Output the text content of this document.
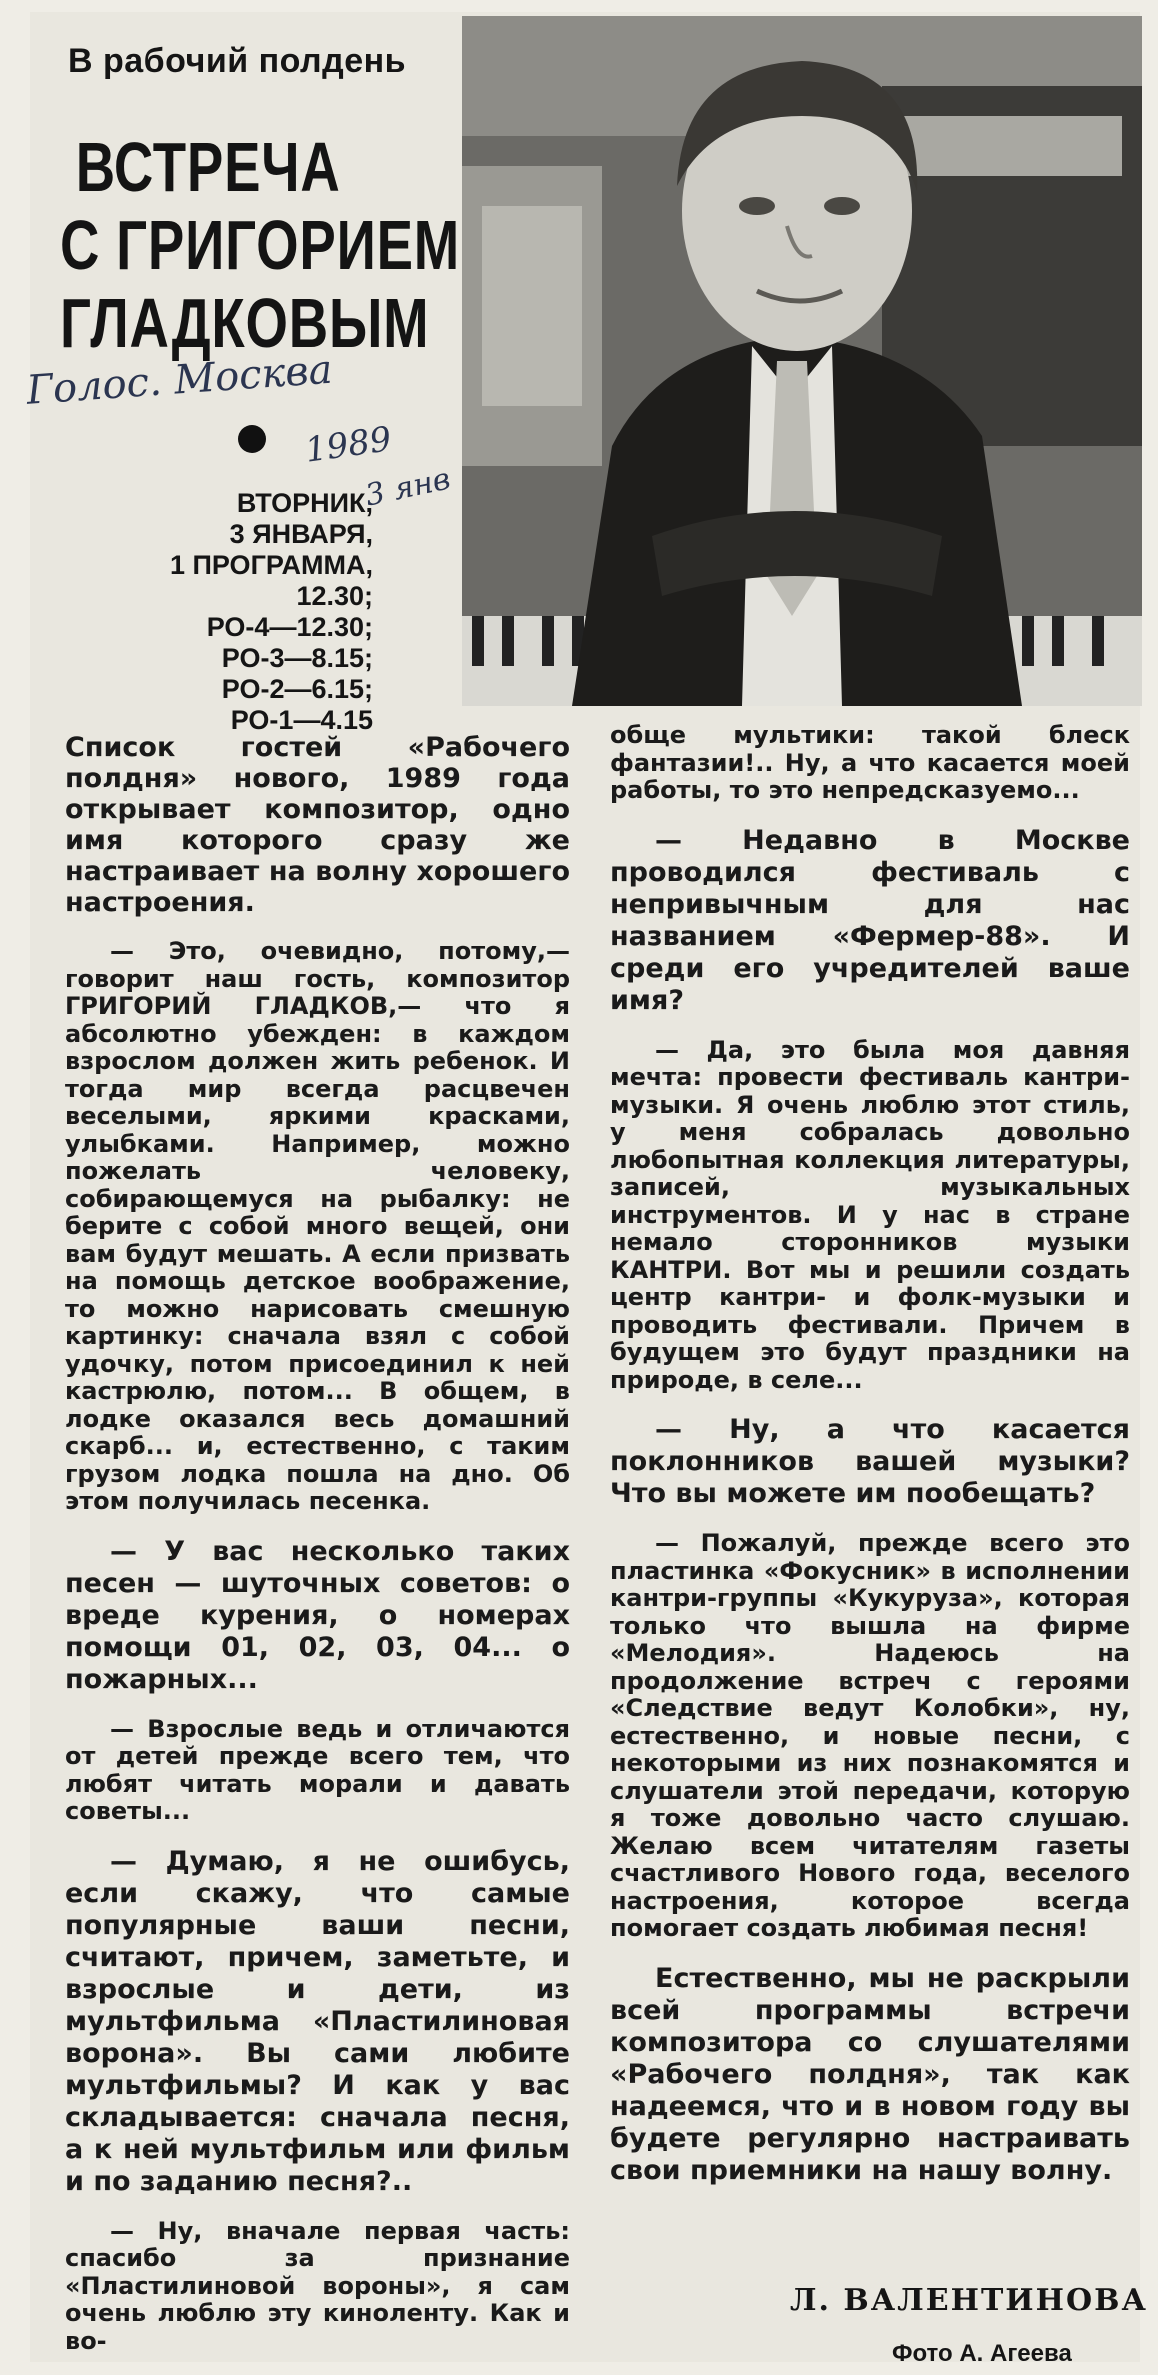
В рабочий полдень
ВСТРЕЧА
С ГРИГОРИЕМ
ГЛАДКОВЫМ
Голос. Москва
1989
3 янв
ВТОРНИК,
3 ЯНВАРЯ,
1 ПРОГРАММА,
12.30;
РО-4—12.30;
РО-3—8.15;
РО-2—6.15;
РО-1—4.15

Список гостей «Рабочего полдня» нового, 1989 года открывает композитор, одно имя которого сразу же настраивает на волну хорошего настроения.

— Это, очевидно, потому,— говорит наш гость, композитор ГРИГОРИЙ ГЛАДКОВ,— что я абсолютно убежден: в каждом взрослом должен жить ребенок. И тогда мир всегда расцвечен веселыми, яркими красками, улыбками. Например, можно пожелать человеку, собирающемуся на рыбалку: не берите с собой много вещей, они вам будут мешать. А если призвать на помощь детское воображение, то можно нарисовать смешную картинку: сначала взял с собой удочку, потом присоединил к ней кастрюлю, потом... В общем, в лодке оказался весь домашний скарб... и, естественно, с таким грузом лодка пошла на дно. Об этом получилась песенка.

— У вас несколько таких песен — шуточных советов: о вреде курения, о номерах помощи 01, 02, 03, 04... о пожарных...

— Взрослые ведь и отличаются от детей прежде всего тем, что любят читать морали и давать советы...

— Думаю, я не ошибусь, если скажу, что самые популярные ваши песни, считают, причем, заметьте, и взрослые и дети, из мультфильма «Пластилиновая ворона». Вы сами любите мультфильмы? И как у вас складывается: сначала песня, а к ней мультфильм или фильм и по заданию песня?..

— Ну, вначале первая часть: спасибо за признание «Пластилиновой вороны», я сам очень люблю эту киноленту. Как и во-

обще мультики: такой блеск фантазии!.. Ну, а что касается моей работы, то это непредсказуемо...

— Недавно в Москве проводился фестиваль с непривычным для нас названием «Фермер-88». И среди его учредителей ваше имя?

— Да, это была моя давняя мечта: провести фестиваль кантри-музыки. Я очень люблю этот стиль, у меня собралась довольно любопытная коллекция литературы, записей, музыкальных инструментов. И у нас в стране немало сторонников музыки КАНТРИ. Вот мы и решили создать центр кантри- и фолк-музыки и проводить фестивали. Причем в будущем это будут праздники на природе, в селе...

— Ну, а что касается поклонников вашей музыки? Что вы можете им пообещать?

— Пожалуй, прежде всего это пластинка «Фокусник» в исполнении кантри-группы «Кукуруза», которая только что вышла на фирме «Мелодия». Надеюсь на продолжение встреч с героями «Следствие ведут Колобки», ну, естественно, и новые песни, с некоторыми из них познакомятся и слушатели этой передачи, которую я тоже довольно часто слушаю. Желаю всем читателям газеты счастливого Нового года, веселого настроения, которое всегда помогает создать любимая песня!

Естественно, мы не раскрыли всей программы встречи композитора со слушателями «Рабочего полдня», так как надеемся, что и в новом году вы будете регулярно настраивать свои приемники на нашу волну.

Л. ВАЛЕНТИНОВА
Фото А. Агеева
